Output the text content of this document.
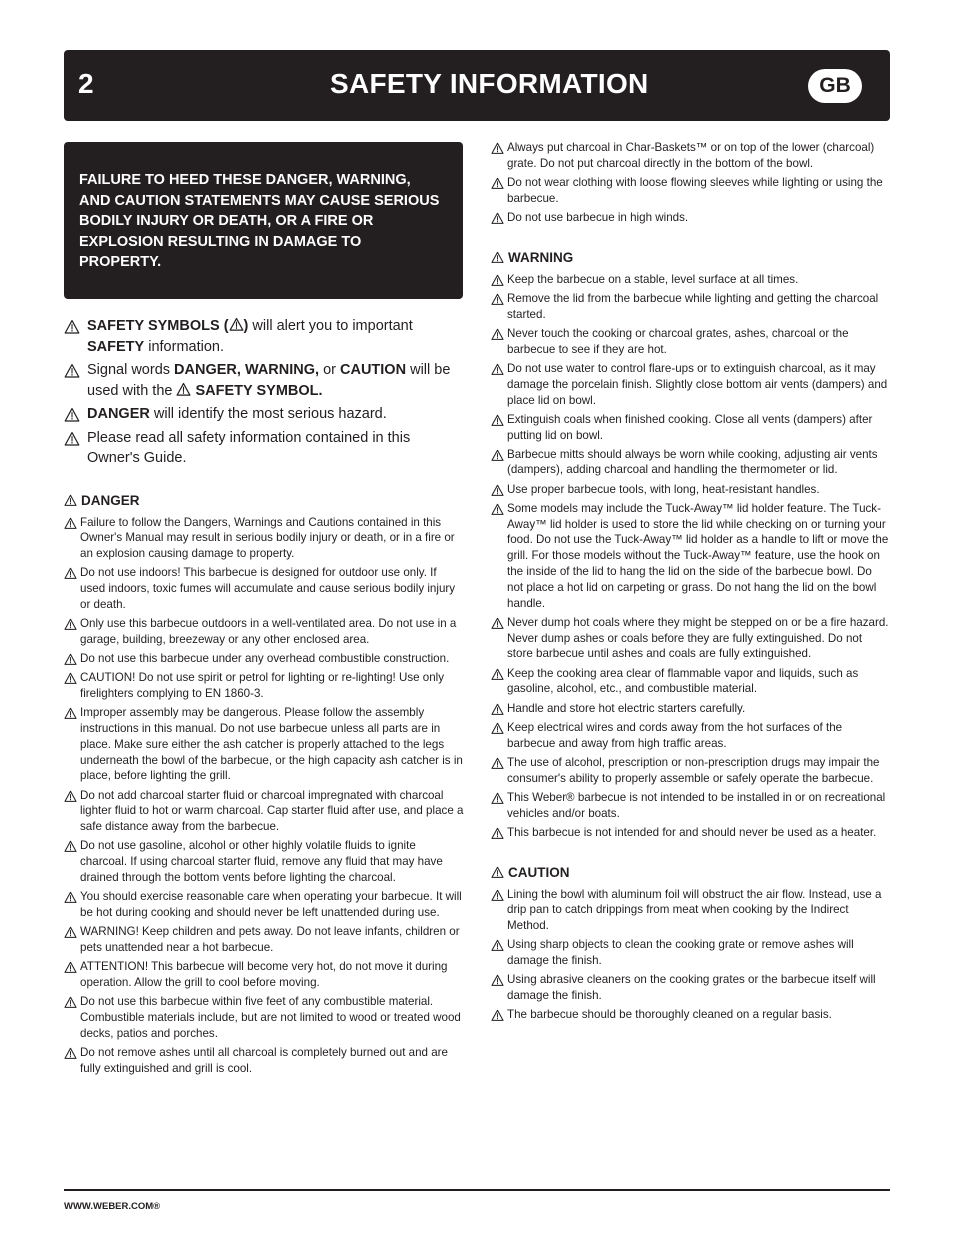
2	SAFETY INFORMATION	GB
FAILURE TO HEED THESE DANGER, WARNING, AND CAUTION STATEMENTS MAY CAUSE SERIOUS BODILY INJURY OR DEATH, OR A FIRE OR EXPLOSION RESULTING IN DAMAGE TO PROPERTY.
SAFETY SYMBOLS ( ) will alert you to important SAFETY information.
Signal words DANGER, WARNING, or CAUTION will be used with the  SAFETY SYMBOL.
DANGER will identify the most serious hazard.
Please read all safety information contained in this Owner's Guide.
DANGER
Failure to follow the Dangers, Warnings and Cautions contained in this Owner's Manual may result in serious bodily injury or death, or in a fire or an explosion causing damage to property.
Do not use indoors! This barbecue is designed for outdoor use only. If used indoors, toxic fumes will accumulate and cause serious bodily injury or death.
Only use this barbecue outdoors in a well-ventilated area. Do not use in a garage, building, breezeway or any other enclosed area.
Do not use this barbecue under any overhead combustible construction.
CAUTION! Do not use spirit or petrol for lighting or re-lighting! Use only firelighters complying to EN 1860-3.
Improper assembly may be dangerous. Please follow the assembly instructions in this manual. Do not use barbecue unless all parts are in place. Make sure either the ash catcher is properly attached to the legs underneath the bowl of the barbecue, or the high capacity ash catcher is in place, before lighting the grill.
Do not add charcoal starter fluid or charcoal impregnated with charcoal lighter fluid to hot or warm charcoal. Cap starter fluid after use, and place a safe distance away from the barbecue.
Do not use gasoline, alcohol or other highly volatile fluids to ignite charcoal. If using charcoal starter fluid, remove any fluid that may have drained through the bottom vents before lighting the charcoal.
You should exercise reasonable care when operating your barbecue. It will be hot during cooking and should never be left unattended during use.
WARNING! Keep children and pets away. Do not leave infants, children or pets unattended near a hot barbecue.
ATTENTION! This barbecue will become very hot, do not move it during operation. Allow the grill to cool before moving.
Do not use this barbecue within five feet of any combustible material. Combustible materials include, but are not limited to wood or treated wood decks, patios and porches.
Do not remove ashes until all charcoal is completely burned out and are fully extinguished and grill is cool.
Always put charcoal in Char-Baskets™ or on top of the lower (charcoal) grate. Do not put charcoal directly in the bottom of the bowl.
Do not wear clothing with loose flowing sleeves while lighting or using the barbecue.
Do not use barbecue in high winds.
WARNING
Keep the barbecue on a stable, level surface at all times.
Remove the lid from the barbecue while lighting and getting the charcoal started.
Never touch the cooking or charcoal grates, ashes, charcoal or the barbecue to see if they are hot.
Do not use water to control flare-ups or to extinguish charcoal, as it may damage the porcelain finish. Slightly close bottom air vents (dampers) and place lid on bowl.
Extinguish coals when finished cooking. Close all vents (dampers) after putting lid on bowl.
Barbecue mitts should always be worn while cooking, adjusting air vents (dampers), adding charcoal and handling the thermometer or lid.
Use proper barbecue tools, with long, heat-resistant handles.
Some models may include the Tuck-Away™ lid holder feature. The Tuck-Away™ lid holder is used to store the lid while checking on or turning your food. Do not use the Tuck-Away™ lid holder as a handle to lift or move the grill. For those models without the Tuck-Away™ feature, use the hook on the inside of the lid to hang the lid on the side of the barbecue bowl. Do not place a hot lid on carpeting or grass. Do not hang the lid on the bowl handle.
Never dump hot coals where they might be stepped on or be a fire hazard. Never dump ashes or coals before they are fully extinguished. Do not store barbecue until ashes and coals are fully extinguished.
Keep the cooking area clear of flammable vapor and liquids, such as gasoline, alcohol, etc., and combustible material.
Handle and store hot electric starters carefully.
Keep electrical wires and cords away from the hot surfaces of the barbecue and away from high traffic areas.
The use of alcohol, prescription or non-prescription drugs may impair the consumer's ability to properly assemble or safely operate the barbecue.
This Weber® barbecue is not intended to be installed in or on recreational vehicles and/or boats.
This barbecue is not intended for and should never be used as a heater.
CAUTION
Lining the bowl with aluminum foil will obstruct the air flow. Instead, use a drip pan to catch drippings from meat when cooking by the Indirect Method.
Using sharp objects to clean the cooking grate or remove ashes will damage the finish.
Using abrasive cleaners on the cooking grates or the barbecue itself will damage the finish.
The barbecue should be thoroughly cleaned on a regular basis.
WWW.WEBER.COM®
